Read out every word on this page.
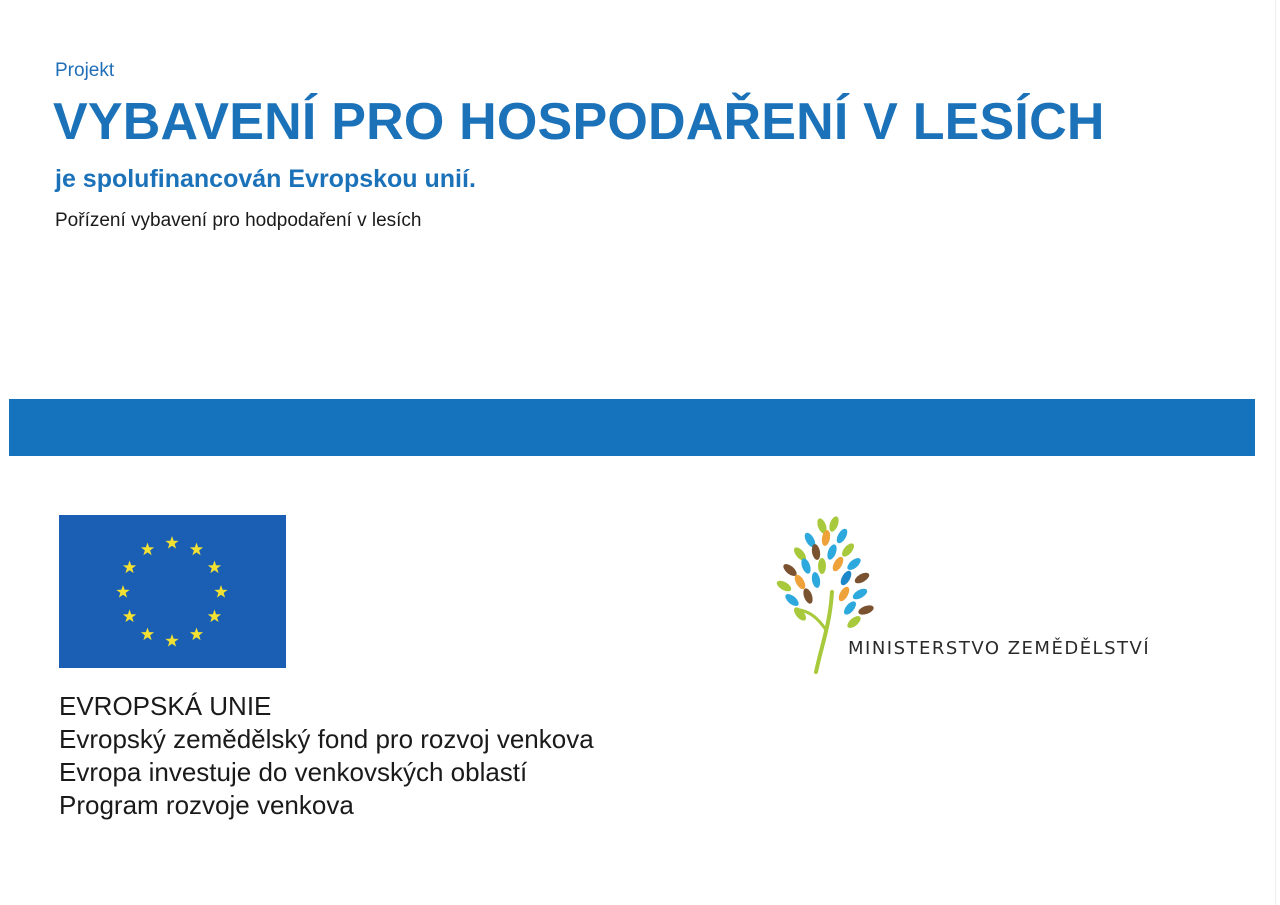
Projekt
VYBAVENÍ PRO HOSPODAŘENÍ V LESÍCH
je spolufinancován Evropskou unií.
Pořízení vybavení pro hodpodaření v lesích
EVROPSKÁ UNIE
Evropský zemědělský fond pro rozvoj venkova
Evropa investuje do venkovských oblastí
Program rozvoje venkova
MINISTERSTVO ZEMĚDĚLSTVÍ
